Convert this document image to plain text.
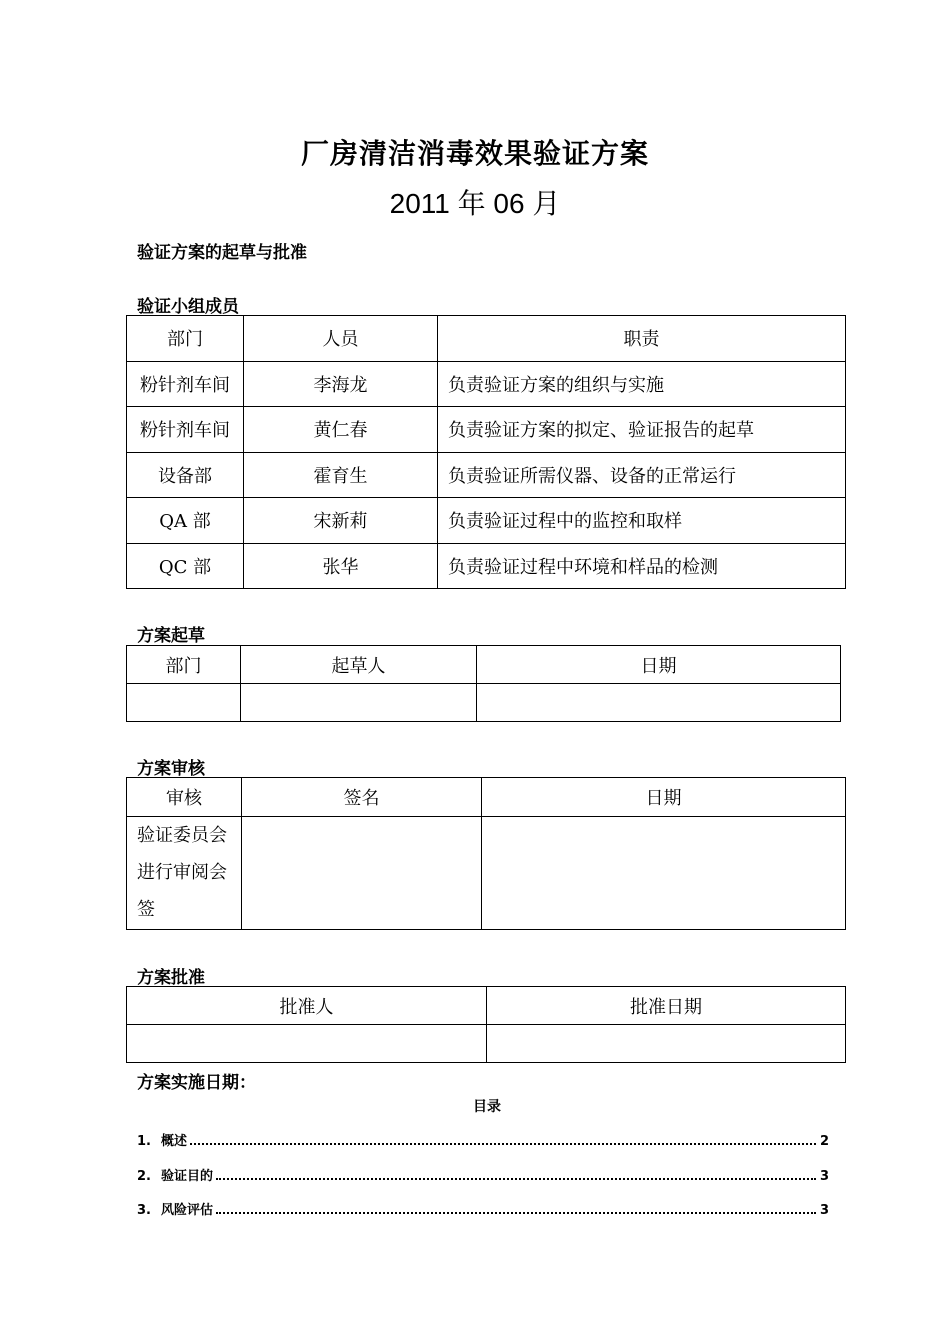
厂房清洁消毒效果验证方案
2011 年 06 月
验证方案的起草与批准
验证小组成员
部门	人员	职责
粉针剂车间	李海龙	负责验证方案的组织与实施
粉针剂车间	黄仁春	负责验证方案的拟定、验证报告的起草
设备部	霍育生	负责验证所需仪器、设备的正常运行
QA 部	宋新莉	负责验证过程中的监控和取样
QC 部	张华	负责验证过程中环境和样品的检测
方案起草
部门	起草人	日期

方案审核
审核	签名	日期

验证委员会
进行审阅会
签		

方案批准
批准人	批准日期

方案实施日期：
目录
1. 概述	2
2. 验证目的	3
3. 风险评估	3
